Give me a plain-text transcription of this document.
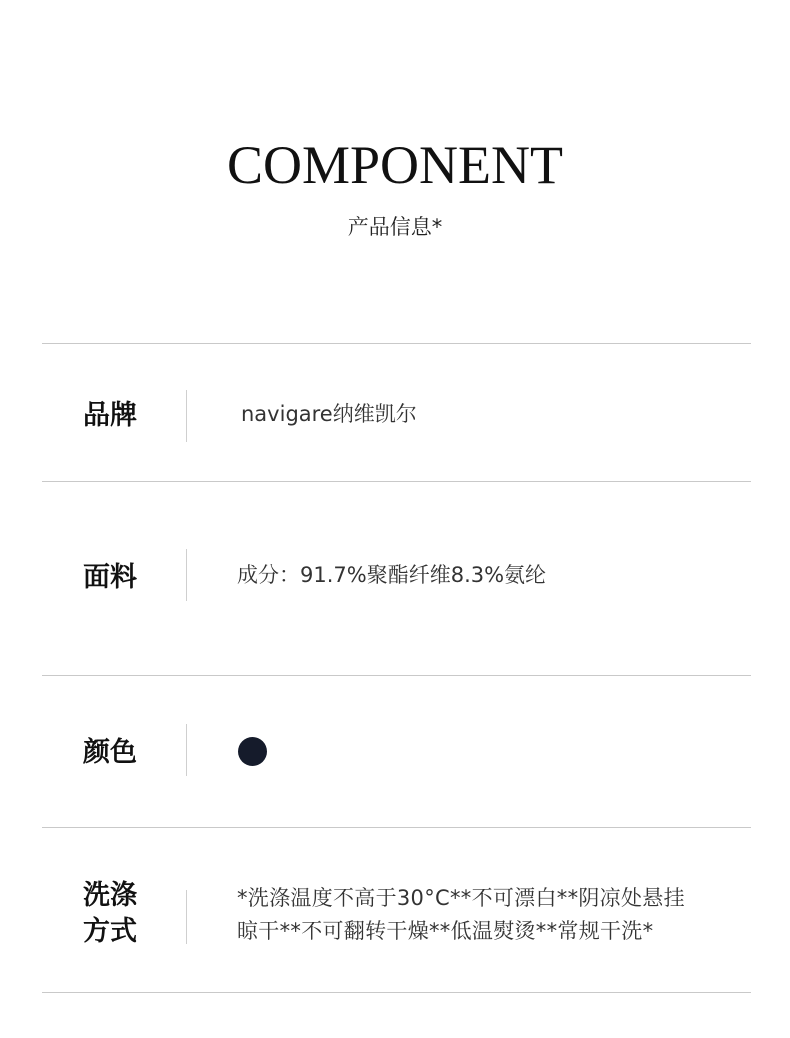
COMPONENT
产品信息*
品牌	navigare纳维凯尔
面料	成分：91.7%聚酯纤维8.3%氨纶
颜色
洗涤
方式
*洗涤温度不高于30°C**不可漂白**阴凉处悬挂
晾干**不可翻转干燥**低温熨烫**常规干洗*
